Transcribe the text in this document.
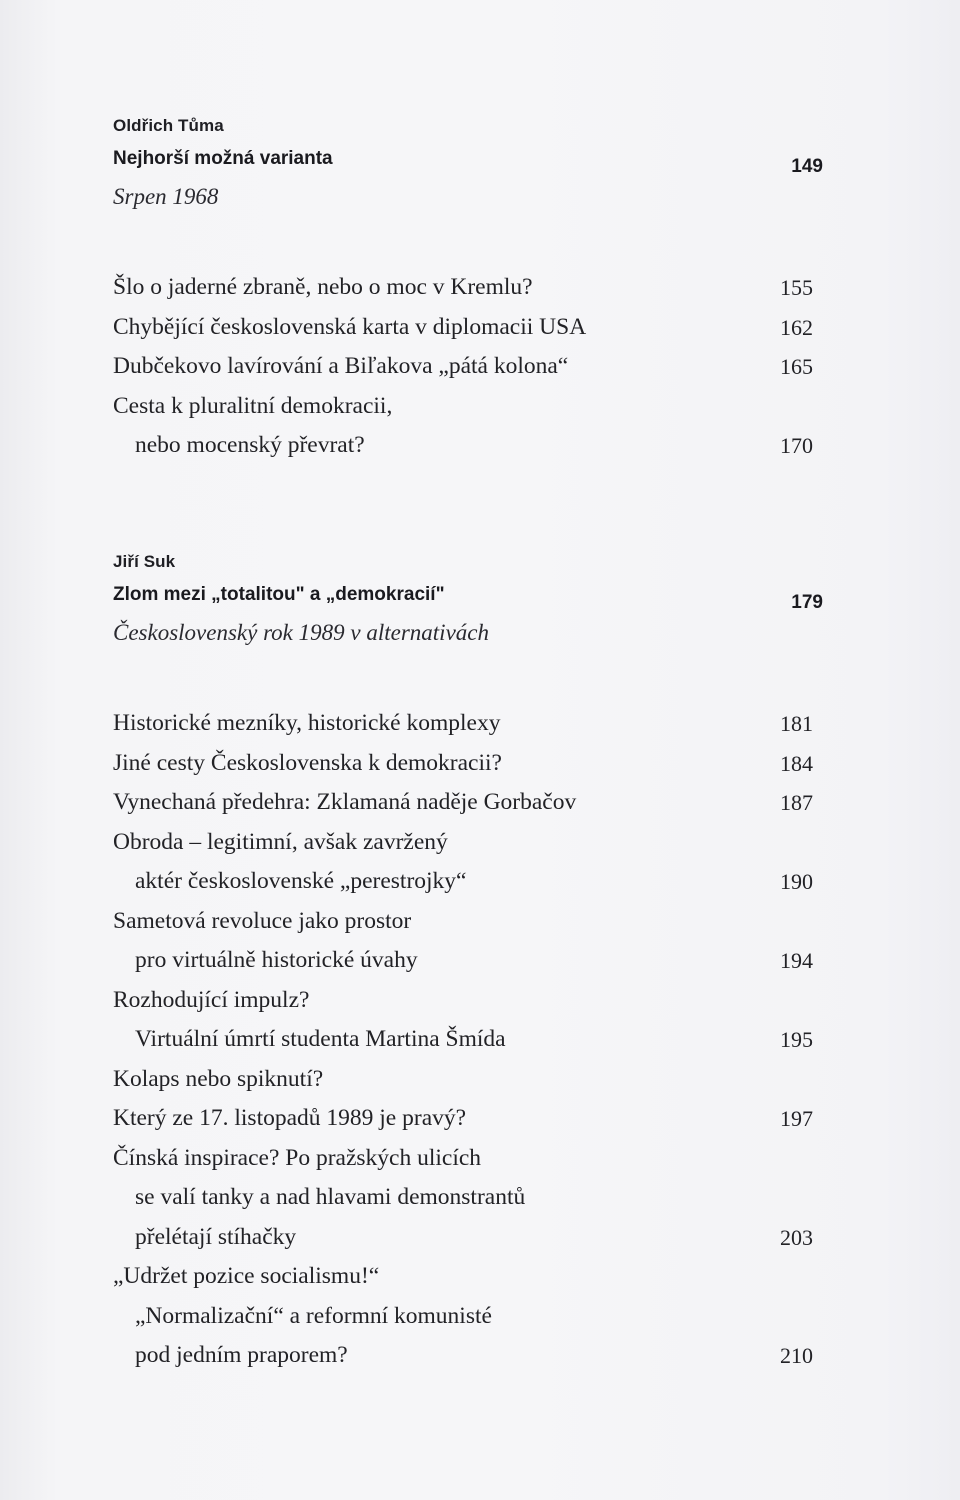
Oldřich Tůma
Nejhorší možná varianta	149
Srpen 1968
Šlo o jaderné zbraně, nebo o moc v Kremlu?	155
Chybějící československá karta v diplomacii USA	162
Dubčekovo lavírování a Biľakova „pátá kolona“	165
Cesta k pluralitní demokracii,
nebo mocenský převrat?	170
Jiří Suk
Zlom mezi „totalitou" a „demokracií"	179
Československý rok 1989 v alternativách
Historické mezníky, historické komplexy	181
Jiné cesty Československa k demokracii?	184
Vynechaná předehra: Zklamaná naděje Gorbačov	187
Obroda – legitimní, avšak zavržený
aktér československé „perestrojky“	190
Sametová revoluce jako prostor
pro virtuálně historické úvahy	194
Rozhodující impulz?
Virtuální úmrtí studenta Martina Šmída	195
Kolaps nebo spiknutí?
Který ze 17. listopadů 1989 je pravý?	197
Čínská inspirace? Po pražských ulicích
se valí tanky a nad hlavami demonstrantů
přelétají stíhačky	203
„Udržet pozice socialismu!“
„Normalizační“ a reformní komunisté
pod jedním praporem?	210
